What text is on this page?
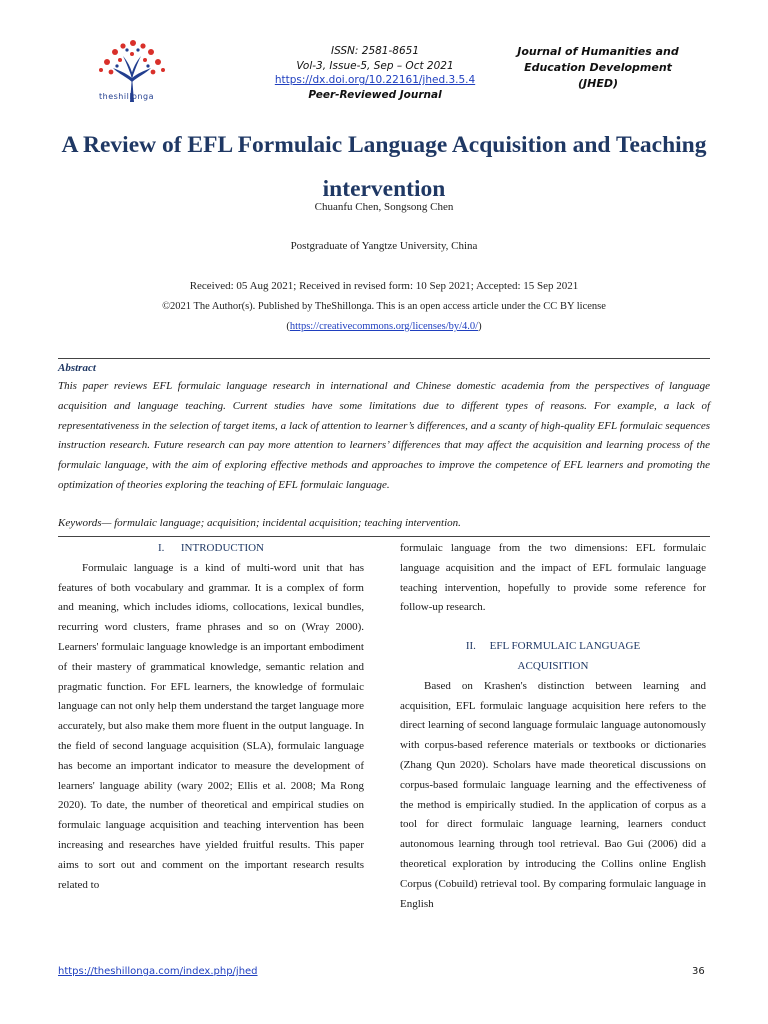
theshillonga
ISSN: 2581-8651
Vol-3, Issue-5, Sep – Oct 2021
https://dx.doi.org/10.22161/jhed.3.5.4
Peer-Reviewed Journal
Journal of Humanities and
Education Development
(JHED)
A Review of EFL Formulaic Language Acquisition and Teaching intervention
Chuanfu Chen, Songsong Chen
Postgraduate of Yangtze University, China
Received: 05 Aug 2021; Received in revised form: 10 Sep 2021; Accepted: 15 Sep 2021
©2021 The Author(s). Published by TheShillonga. This is an open access article under the CC BY license
(https://creativecommons.org/licenses/by/4.0/)
Abstract

This paper reviews EFL formulaic language research in international and Chinese domestic academia from the perspectives of language acquisition and language teaching. Current studies have some limitations due to different types of reasons. For example, a lack of representativeness in the selection of target items, a lack of attention to learner’s differences, and a scanty of high-quality EFL formulaic sequences instruction research. Future research can pay more attention to learners’ differences that may affect the acquisition and learning process of the formulaic language, with the aim of exploring effective methods and approaches to improve the competence of EFL learners and promoting the optimization of theories exploring the teaching of EFL formulaic language.

Keywords— formulaic language; acquisition; incidental acquisition; teaching intervention.
I.      INTRODUCTION

Formulaic language is a kind of multi-word unit that has features of both vocabulary and grammar. It is a complex of form and meaning, which includes idioms, collocations, lexical bundles, recurring word clusters, frame phrases and so on (Wray 2000). Learners' formulaic language knowledge is an important embodiment of their mastery of grammatical knowledge, semantic relation and pragmatic function. For EFL learners, the knowledge of formulaic language can not only help them understand the target language more accurately, but also make them more fluent in the output language. In the field of second language acquisition (SLA), formulaic language has become an important indicator to measure the development of learners' language ability (wary 2002; Ellis et al. 2008; Ma Rong 2020). To date, the number of theoretical and empirical studies on formulaic language acquisition and teaching intervention has been increasing and researches have yielded fruitful results. This paper aims to sort out and comment on the important research results related to

formulaic language from the two dimensions: EFL formulaic language acquisition and the impact of EFL formulaic language teaching intervention, hopefully to provide some reference for follow-up research.

II.     EFL FORMULAIC LANGUAGE
ACQUISITION

Based on Krashen's distinction between learning and acquisition, EFL formulaic language acquisition here refers to the direct learning of second language formulaic language autonomously with corpus-based reference materials or textbooks or dictionaries (Zhang Qun 2020). Scholars have made theoretical discussions on corpus-based formulaic language learning and the effectiveness of the method is empirically studied. In the application of corpus as a tool for direct formulaic language learning, learners conduct autonomous learning through tool retrieval. Bao Gui (2006) did a theoretical exploration by introducing the Collins online English Corpus (Cobuild) retrieval tool. By comparing formulaic language in English

https://theshillonga.com/index.php/jhed	36
